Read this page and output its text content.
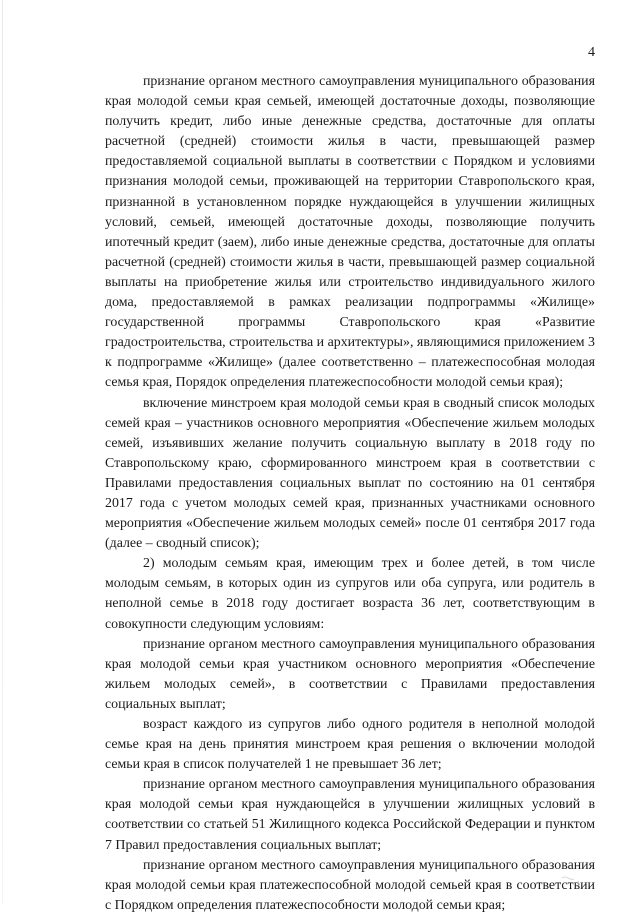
4

признание органом местного самоуправления муниципального образования края молодой семьи края семьей, имеющей достаточные доходы, позволяющие получить кредит, либо иные денежные средства, достаточные для оплаты расчетной (средней) стоимости жилья в части, превышающей размер предоставляемой социальной выплаты в соответствии с Порядком и условиями признания молодой семьи, проживающей на территории Ставропольского края, признанной в установленном порядке нуждающейся в улучшении жилищных условий, семьей, имеющей достаточные доходы, позволяющие получить ипотечный кредит (заем), либо иные денежные средства, достаточные для оплаты расчетной (средней) стоимости жилья в части, превышающей размер социальной выплаты на приобретение жилья или строительство индивидуального жилого дома, предоставляемой в рамках реализации подпрограммы «Жилище» государственной программы Ставропольского края «Развитие градостроительства, строительства и архитектуры», являющимися приложением 3 к подпрограмме «Жилище» (далее соответственно – платежеспособная молодая семья края, Порядок определения платежеспособности молодой семьи края);

включение минстроем края молодой семьи края в сводный список молодых семей края – участников основного мероприятия «Обеспечение жильем молодых семей, изъявивших желание получить социальную выплату в 2018 году по Ставропольскому краю, сформированного минстроем края в соответствии с Правилами предоставления социальных выплат по состоянию на 01 сентября 2017 года с учетом молодых семей края, признанных участниками основного мероприятия «Обеспечение жильем молодых семей» после 01 сентября 2017 года (далее – сводный список);

2) молодым семьям края, имеющим трех и более детей, в том числе молодым семьям, в которых один из супругов или оба супруга, или родитель в неполной семье в 2018 году достигает возраста 36 лет, соответствующим в совокупности следующим условиям:

признание органом местного самоуправления муниципального образования края молодой семьи края участником основного мероприятия «Обеспечение жильем молодых семей», в соответствии с Правилами предоставления социальных выплат;

возраст каждого из супругов либо одного родителя в неполной молодой семье края на день принятия минстроем края решения о включении молодой семьи края в список получателей 1 не превышает 36 лет;

признание органом местного самоуправления муниципального образования края молодой семьи края нуждающейся в улучшении жилищных условий в соответствии со статьей 51 Жилищного кодекса Российской Федерации и пунктом 7 Правил предоставления социальных выплат;

признание органом местного самоуправления муниципального образования края молодой семьи края платежеспособной молодой семьей края в соответствии с Порядком определения платежеспособности молодой семьи края;
